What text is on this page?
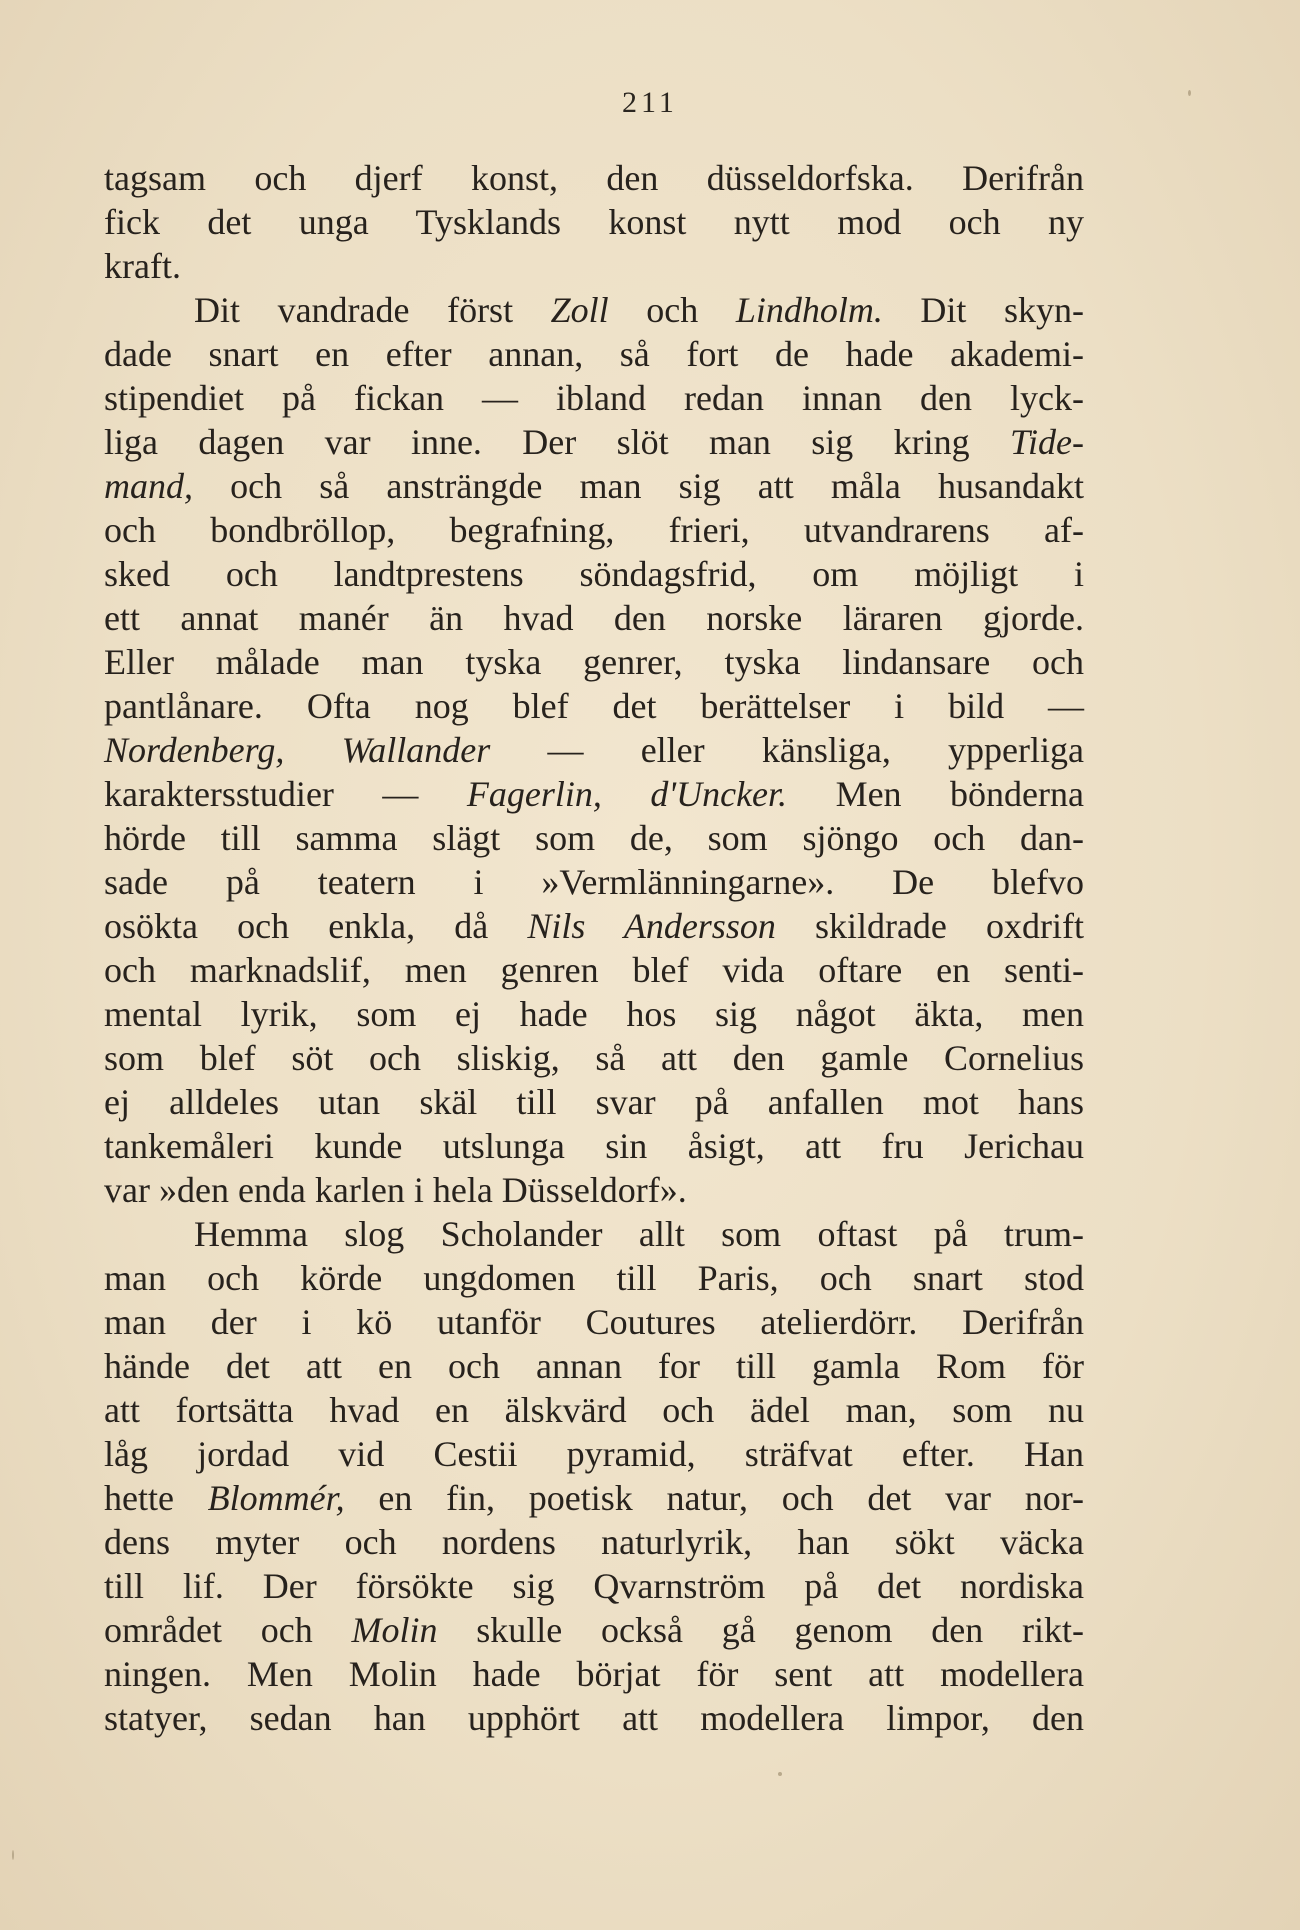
211
tagsam och djerf konst, den düsseldorfska. Derifrån
fick det unga Tysklands konst nytt mod och ny
kraft.
Dit vandrade först Zoll och Lindholm. Dit skyn-
dade snart en efter annan, så fort de hade akademi-
stipendiet på fickan — ibland redan innan den lyck-
liga dagen var inne. Der slöt man sig kring Tide-
mand, och så ansträngde man sig att måla husandakt
och bondbröllop, begrafning, frieri, utvandrarens af-
sked och landtprestens söndagsfrid, om möjligt i
ett annat manér än hvad den norske läraren gjorde.
Eller målade man tyska genrer, tyska lindansare och
pantlånare. Ofta nog blef det berättelser i bild —
Nordenberg, Wallander — eller känsliga, ypperliga
karaktersstudier — Fagerlin, d'Uncker. Men bönderna
hörde till samma slägt som de, som sjöngo och dan-
sade på teatern i »Vermlänningarne». De blefvo
osökta och enkla, då Nils Andersson skildrade oxdrift
och marknadslif, men genren blef vida oftare en senti-
mental lyrik, som ej hade hos sig något äkta, men
som blef söt och sliskig, så att den gamle Cornelius
ej alldeles utan skäl till svar på anfallen mot hans
tankemåleri kunde utslunga sin åsigt, att fru Jerichau
var »den enda karlen i hela Düsseldorf».
Hemma slog Scholander allt som oftast på trum-
man och körde ungdomen till Paris, och snart stod
man der i kö utanför Coutures atelierdörr. Derifrån
hände det att en och annan for till gamla Rom för
att fortsätta hvad en älskvärd och ädel man, som nu
låg jordad vid Cestii pyramid, sträfvat efter. Han
hette Blommér, en fin, poetisk natur, och det var nor-
dens myter och nordens naturlyrik, han sökt väcka
till lif. Der försökte sig Qvarnström på det nordiska
området och Molin skulle också gå genom den rikt-
ningen. Men Molin hade börjat för sent att modellera
statyer, sedan han upphört att modellera limpor, den
